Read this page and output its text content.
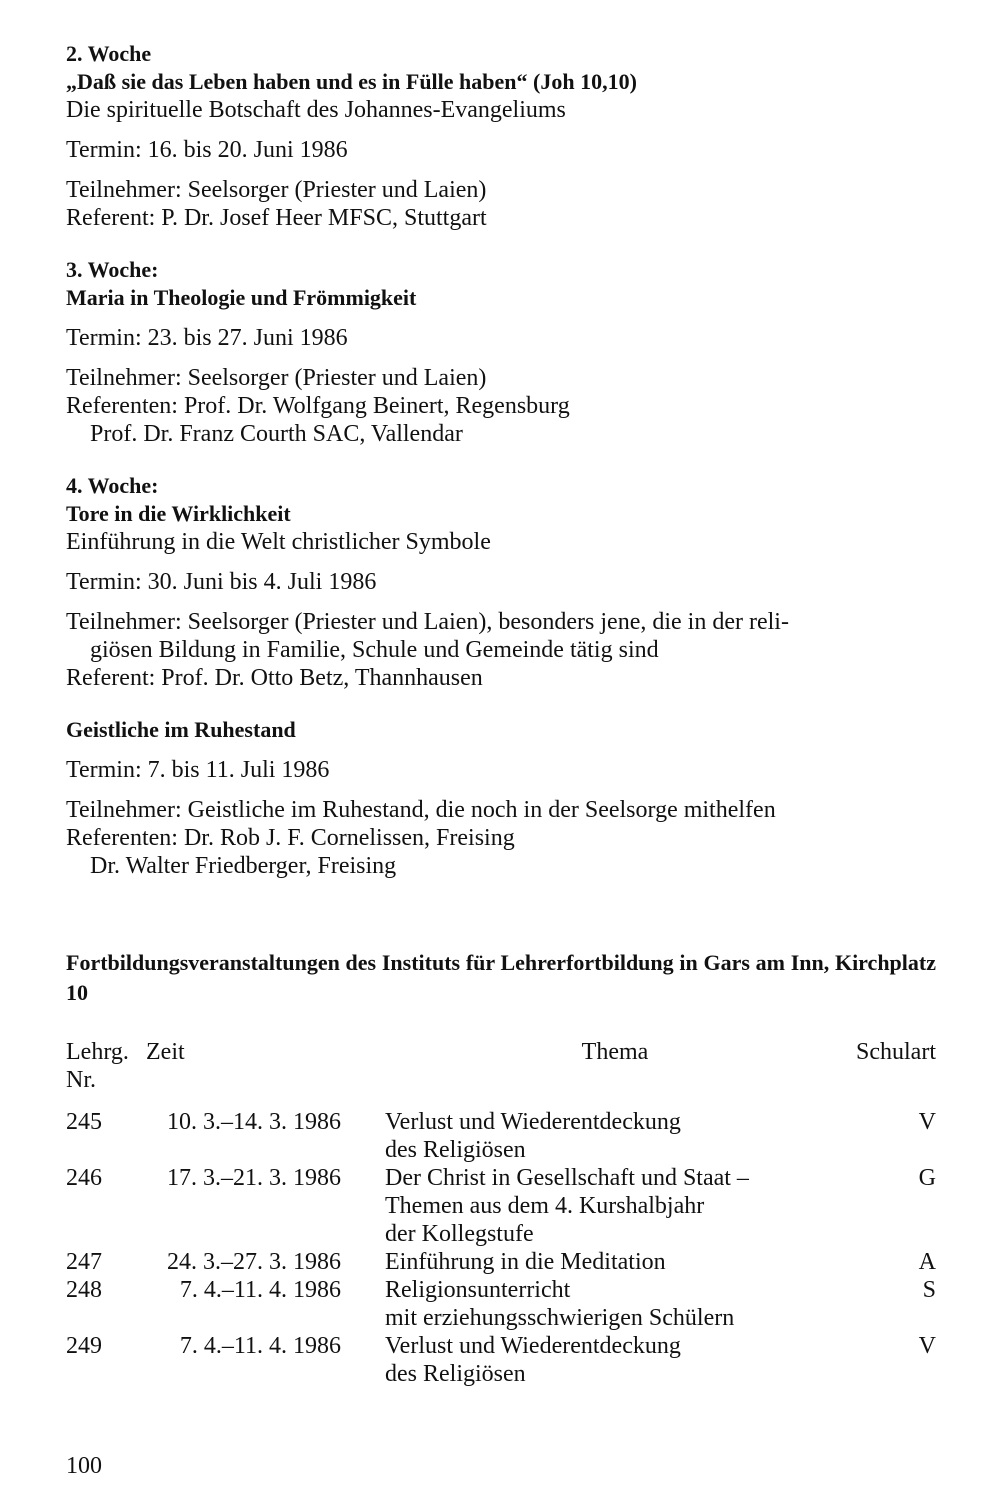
2. Woche
„Daß sie das Leben haben und es in Fülle haben“ (Joh 10,10)
Die spirituelle Botschaft des Johannes-Evangeliums
Termin: 16. bis 20. Juni 1986
Teilnehmer: Seelsorger (Priester und Laien)
Referent: P. Dr. Josef Heer MFSC, Stuttgart
3. Woche:
Maria in Theologie und Frömmigkeit
Termin: 23. bis 27. Juni 1986
Teilnehmer: Seelsorger (Priester und Laien)
Referenten: Prof. Dr. Wolfgang Beinert, Regensburg
Prof. Dr. Franz Courth SAC, Vallendar
4. Woche:
Tore in die Wirklichkeit
Einführung in die Welt christlicher Symbole
Termin: 30. Juni bis 4. Juli 1986
Teilnehmer: Seelsorger (Priester und Laien), besonders jene, die in der reli-
giösen Bildung in Familie, Schule und Gemeinde tätig sind
Referent: Prof. Dr. Otto Betz, Thannhausen
Geistliche im Ruhestand
Termin: 7. bis 11. Juli 1986
Teilnehmer: Geistliche im Ruhestand, die noch in der Seelsorge mithelfen
Referenten: Dr. Rob J. F. Cornelissen, Freising
Dr. Walter Friedberger, Freising
Fortbildungsveranstaltungen des Instituts für Lehrerfortbildung in Gars am Inn, Kirchplatz 10
Lehrg.
Nr.	Zeit	Thema	Schulart
245	10. 3.–14. 3. 1986	Verlust und Wiederentdeckung
des Religiösen	V
246	17. 3.–21. 3. 1986	Der Christ in Gesellschaft und Staat –
Themen aus dem 4. Kurshalbjahr
der Kollegstufe	G
247	24. 3.–27. 3. 1986	Einführung in die Meditation	A
248	7. 4.–11. 4. 1986	Religionsunterricht
mit erziehungsschwierigen Schülern	S
249	7. 4.–11. 4. 1986	Verlust und Wiederentdeckung
des Religiösen	V
100
